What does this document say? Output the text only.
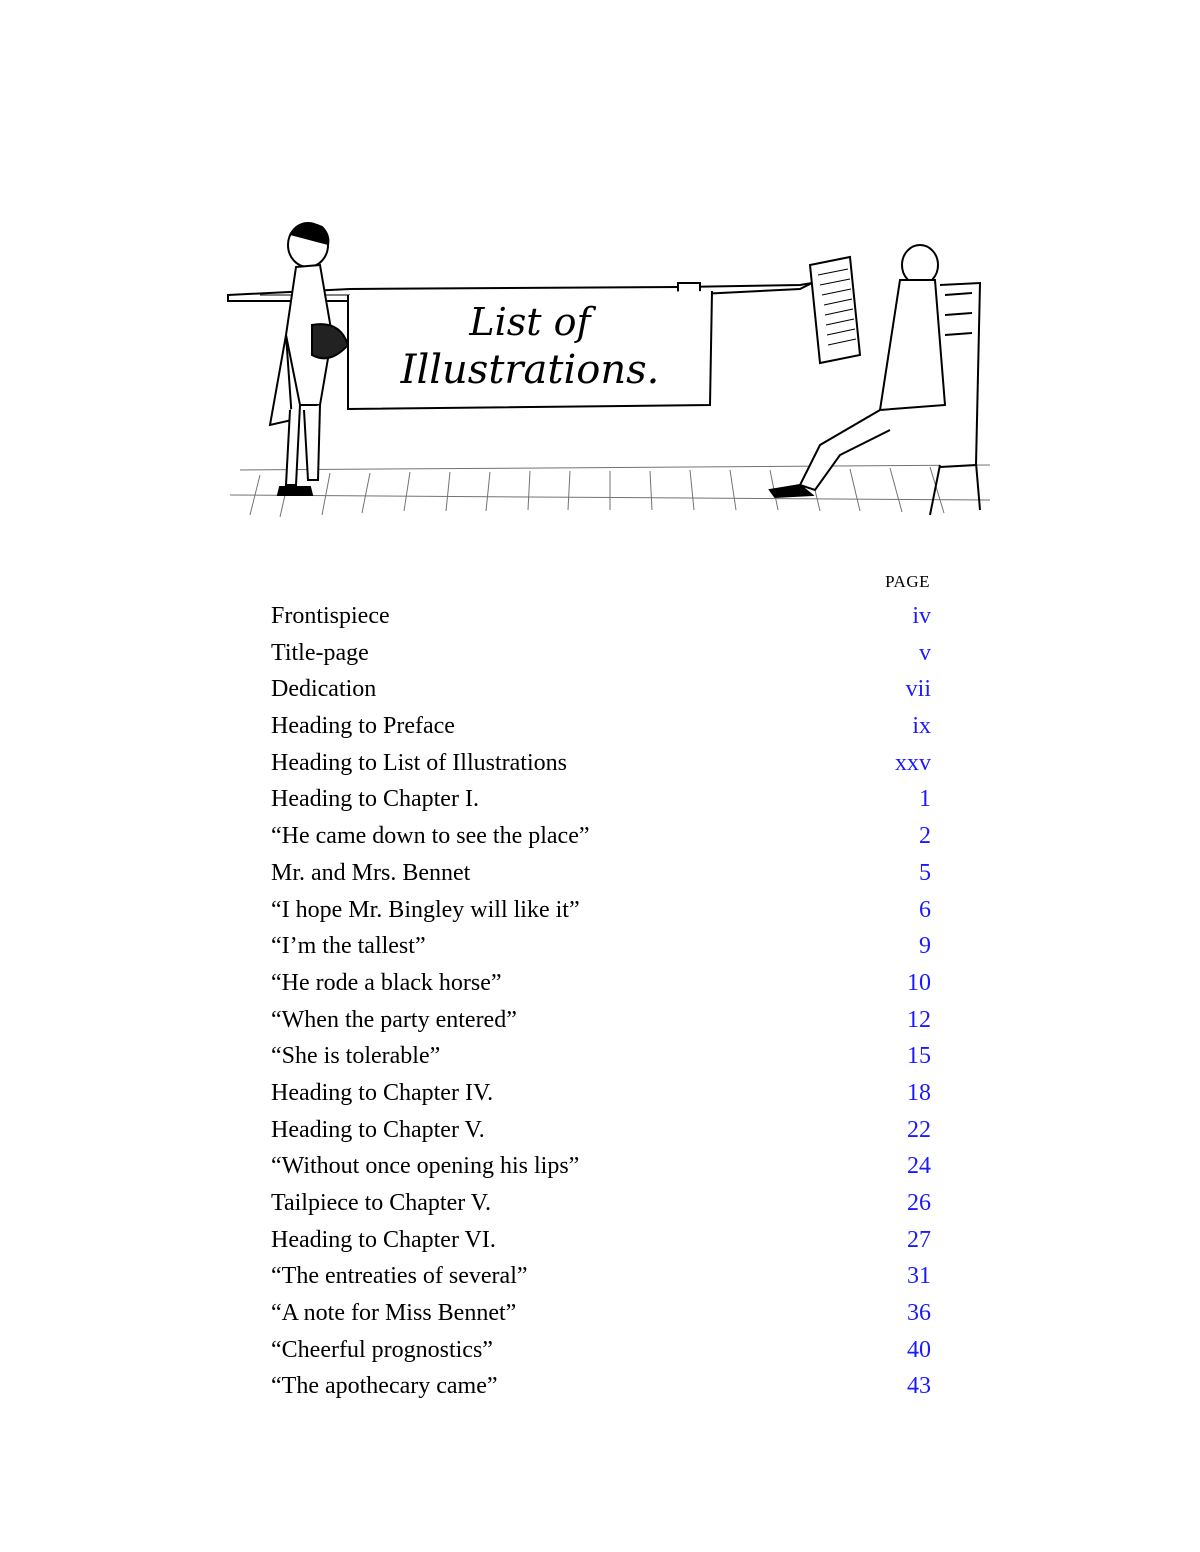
List of
Illustrations.
PAGE
Frontispiece	iv
Title-page	v
Dedication	vii
Heading to Preface	ix
Heading to List of Illustrations	xxv
Heading to Chapter I.	1
“He came down to see the place”	2
Mr. and Mrs. Bennet	5
“I hope Mr. Bingley will like it”	6
“I’m the tallest”	9
“He rode a black horse”	10
“When the party entered”	12
“She is tolerable”	15
Heading to Chapter IV.	18
Heading to Chapter V.	22
“Without once opening his lips”	24
Tailpiece to Chapter V.	26
Heading to Chapter VI.	27
“The entreaties of several”	31
“A note for Miss Bennet”	36
“Cheerful prognostics”	40
“The apothecary came”	43
